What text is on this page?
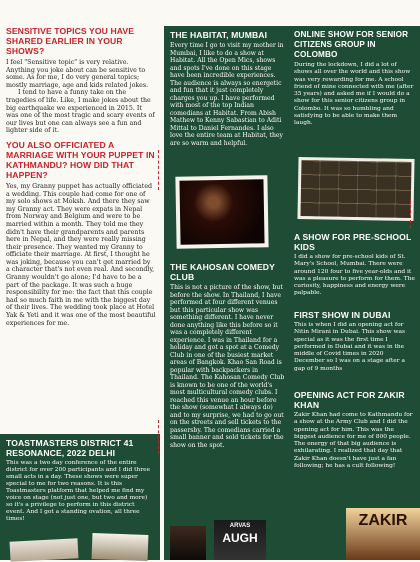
SENSITIVE TOPICS YOU HAVE SHARED EARLIER IN YOUR SHOWS?

I feel "Sensitive topic" is very relative. Anything you joke about can be sensitive to some. As for me, I do very general topics; mostly marriage, age and kids related jokes.

I tend to have a funny take on the tragedies of life. Like, I make jokes about the big earthquake we experienced in 2015. It was one of the most tragic and scary events of our lives but one can always see a fun and lighter side of it.

YOU ALSO OFFICIATED A MARRIAGE WITH YOUR PUPPET IN KATHMANDU? HOW DID THAT HAPPEN?

Yes, my Granny puppet has actually officiated a wedding. This couple had come for one of my solo shows at Moksh. And there they saw my Granny act. They were expats in Nepal from Norway and Belgium and were to be married within a month. They told me they didn't have their grandparents and parents here in Nepal, and they were really missing their presence. They wanted my Granny to officiate their marriage. At first, I thought he was joking, because you can't get married by a character that's not even real. And secondly, Granny wouldn't go alone; I'd have to be a part of the package. It was such a huge responsibility for me: the fact that this couple had so much faith in me with the biggest day of their lives. The wedding took place at Hotel Yak & Yeti and it was one of the most beautiful experiences for me.

TOASTMASTERS DISTRICT 41 RESONANCE, 2022 DELHI

This was a two day conference of the entire district for over 200 participants and I did three small acts in a day. These shows were super special to me for two reasons. It is this Toastmasters platform that helped me find my voice on stage (not just one, but two and more) so it's a privilege to perform in this district event. And I got a standing ovation, all three times!

THE HABITAT, MUMBAI

Every time I go to visit my mother in Mumbai, I like to do a show at Habitat. All the Open Mics, shows and spots I've done on this stage have been incredible experiences. The audience is always so energetic and fun that it just completely charges you up. I have performed with most of the top Indian comedians at Habitat. From Abish Mathew to Kenny Sabastian to Aditi Mittal to Daniel Fernandes. I also love the entire team at Habitat, they are so warm and helpful.

THE KAHOSAN COMEDY CLUB

This is not a picture of the show, but before the show. In Thailand, I have performed at four different venues but this particular show was something different. I have never done anything like this before so it was a completely different experience. I was in Thailand for a holiday and got a spot at a Comedy Club in one of the busiest market areas of Bangkok. Khao San Road is popular with backpackers in Thailand. The Kahosan Comedy Club is known to be one of the world's most multicultural comedy clubs. I reached this venue an hour before the show (somewhat I always do) and to my surprise, we had to go out on the streets and sell tickets to the passersby. The comedians carried a small banner and sold tickets for the show on the spot.

ARVAS
AUGH
ONLINE SHOW FOR SENIOR CITIZENS GROUP IN COLOMBO

During the lockdown, I did a lot of shows all over the world and this show was very rewarding for me. A school friend of mine connected with me (after 35 years) and asked me if I would do a show for this senior citizens group in Colombo. It was so humbling and satisfying to be able to make them laugh.

A SHOW FOR PRE-SCHOOL KIDS

I did a show for pre-school kids of St. Mary's School, Mumbai. There were around 120 four to five year-olds and it was a pleasure to perform for them. The curiosity, happiness and energy were palpable.

FIRST SHOW IN DUBAI

This is when I did an opening act for Nitin Mirani in Dubai. This show was special as it was the first time I performed in Dubai and it was in the middle of Covid times in 2020 December so I was on a stage after a gap of 9 months

OPENING ACT FOR ZAKIR KHAN

Zakir Khan had come to Kathmandu for a show at the Army Club and I did the opening act for him. This was the biggest audience for me of 800 people. The energy of that big audience is exhilarating. I realized that day that Zakir Khan doesn't have just a fan following; he has a cult following!

ZAKIR
